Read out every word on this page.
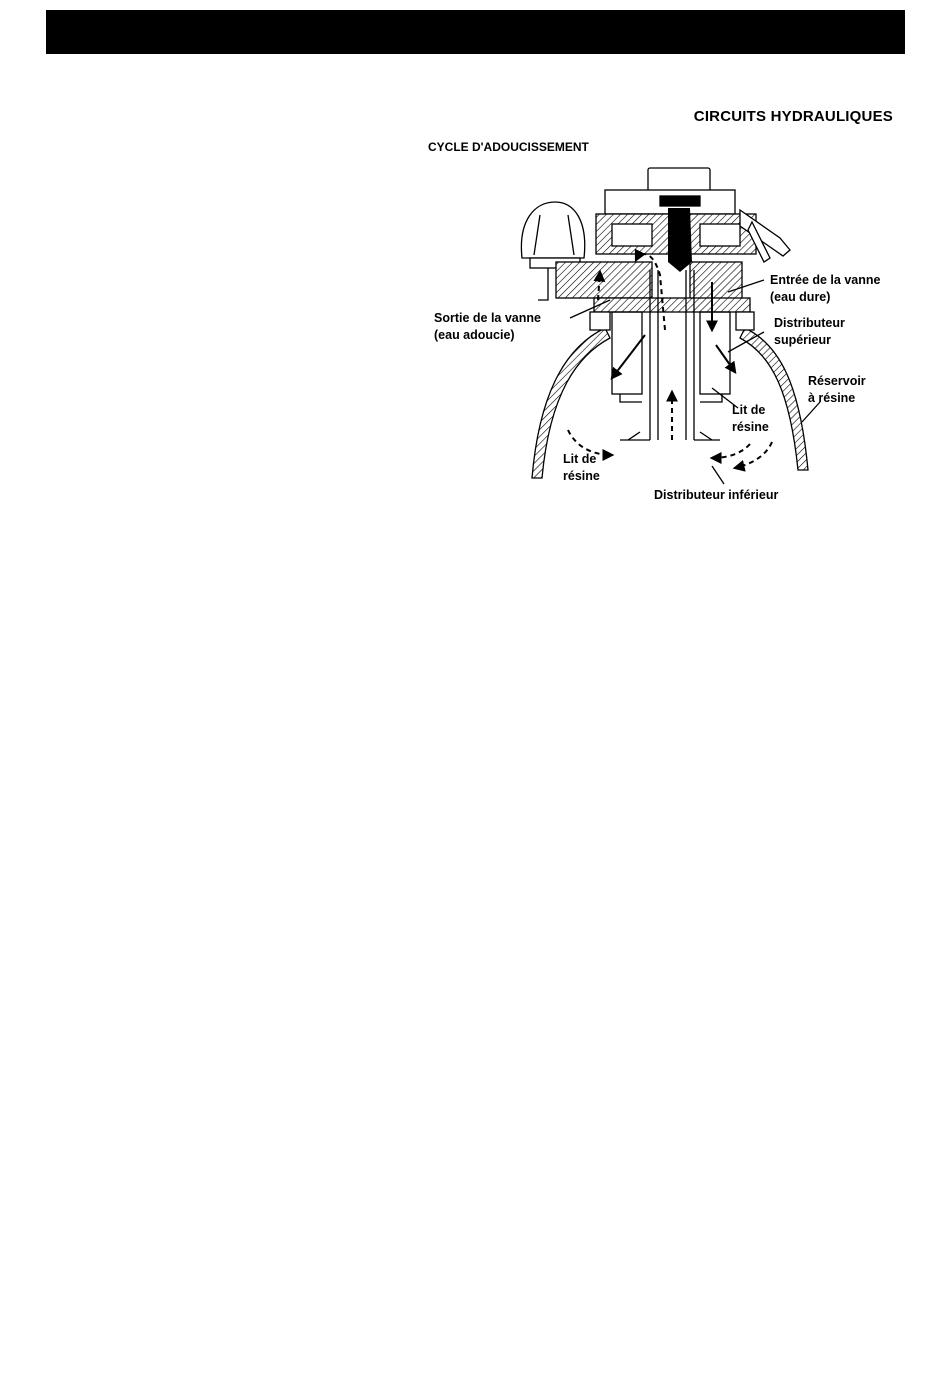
CIRCUITS HYDRAULIQUES
CYCLE D'ADOUCISSEMENT
Sortie de la vanne
(eau adoucie)
Entrée de la vanne
(eau dure)
Distributeur
supérieur
Réservoir
à résine
Lit de
résine
Lit de
résine
Distributeur inférieur
